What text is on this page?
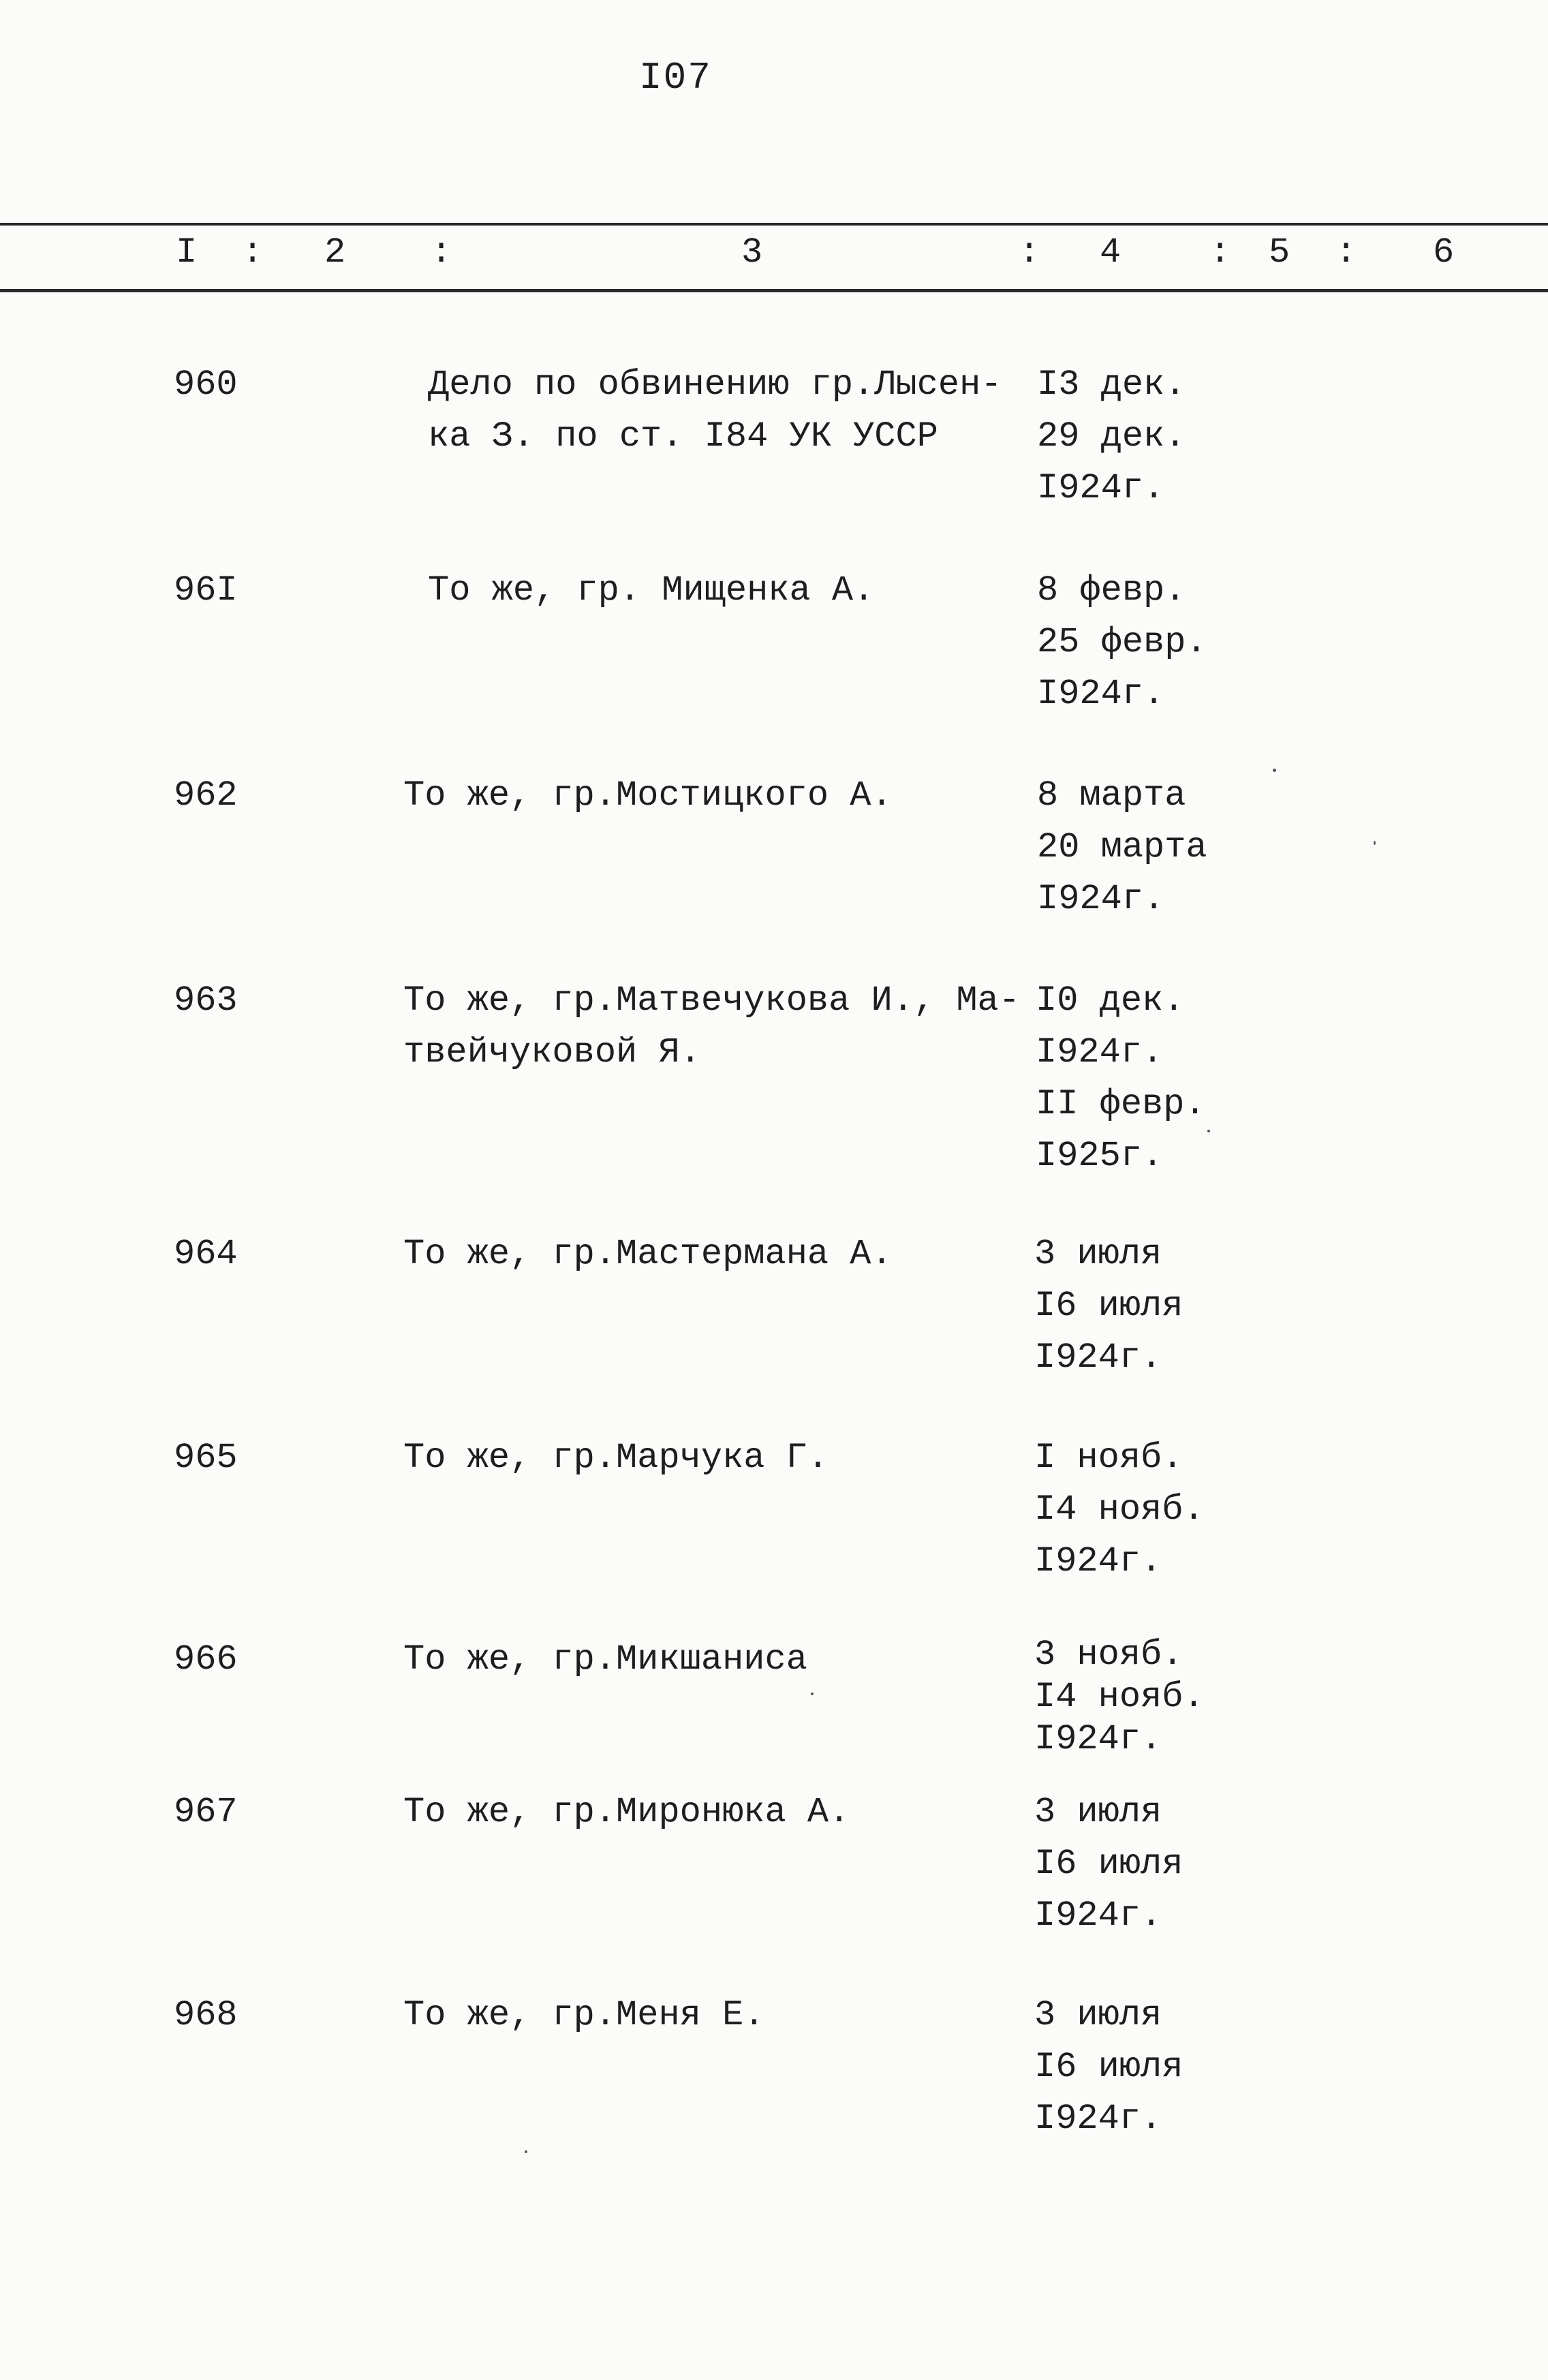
I07
I : 2 :	3	: 4 : 5 : 6
960	Дело по обвинению гр.Лысен-
ка З. по ст. I84 УК УССР
I3 дек.
29 дек.
I924г.
96I	То же, гр. Мищенка А.	8 февр.
25 февр.
I924г.
962	То же, гр.Мостицкого А.	8 марта
20 марта
I924г.
963	То же, гр.Матвечукова И., Ма-
твейчуковой Я.
I0 дек.
I924г.
II февр.
I925г.
964	То же, гр.Мастермана А.	3 июля
I6 июля
I924г.
965	То же, гр.Марчука Г.	I нояб.
I4 нояб.
I924г.
966	То же, гр.Микшаниса	3 нояб.
I4 нояб.
I924г.
967	То же, гр.Миронюка А.	3 июля
I6 июля
I924г.
968	То же, гр.Меня Е.	3 июля
I6 июля
I924г.
